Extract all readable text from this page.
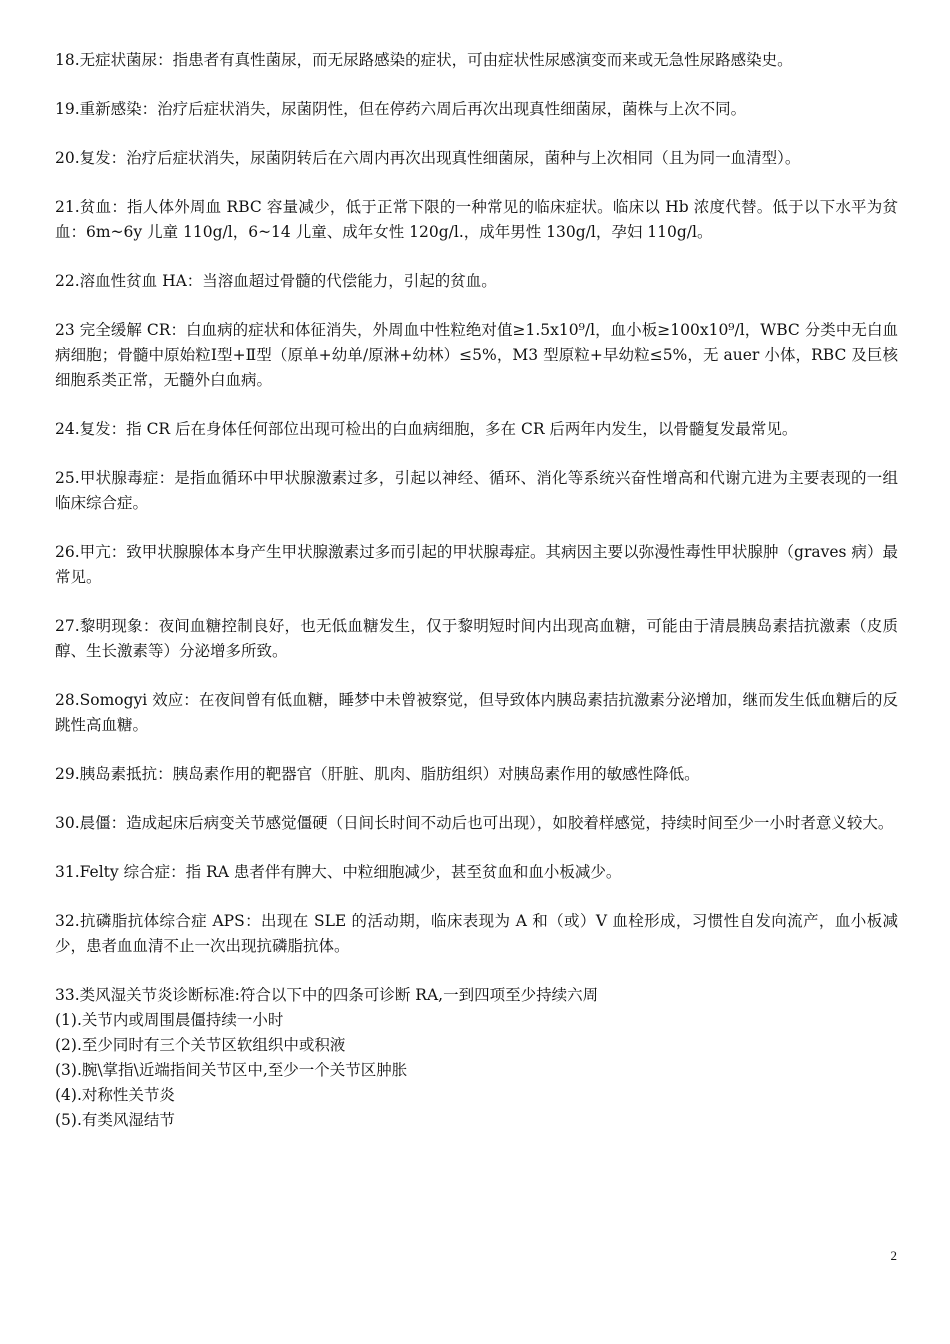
18.无症状菌尿：指患者有真性菌尿，而无尿路感染的症状，可由症状性尿感演变而来或无急性尿路感染史。

19.重新感染：治疗后症状消失，尿菌阴性，但在停药六周后再次出现真性细菌尿，菌株与上次不同。

20.复发：治疗后症状消失，尿菌阴转后在六周内再次出现真性细菌尿，菌种与上次相同（且为同一血清型）。

21.贫血：指人体外周血 RBC 容量减少，低于正常下限的一种常见的临床症状。临床以 Hb 浓度代替。低于以下水平为贫血：6m~6y 儿童 110g/l，6~14 儿童、成年女性 120g/l.，成年男性 130g/l，孕妇 110g/l。

22.溶血性贫血 HA：当溶血超过骨髓的代偿能力，引起的贫血。

23 完全缓解 CR：白血病的症状和体征消失，外周血中性粒绝对值≥1.5x10⁹/l，血小板≥100x10⁹/l，WBC 分类中无白血病细胞；骨髓中原始粒Ⅰ型+Ⅱ型（原单+幼单/原淋+幼林）≤5%，M3 型原粒+早幼粒≤5%，无 auer 小体，RBC 及巨核细胞系类正常，无髓外白血病。

24.复发：指 CR 后在身体任何部位出现可检出的白血病细胞，多在 CR 后两年内发生，以骨髓复发最常见。

25.甲状腺毒症：是指血循环中甲状腺激素过多，引起以神经、循环、消化等系统兴奋性增高和代谢亢进为主要表现的一组临床综合症。

26.甲亢：致甲状腺腺体本身产生甲状腺激素过多而引起的甲状腺毒症。其病因主要以弥漫性毒性甲状腺肿（graves 病）最常见。

27.黎明现象：夜间血糖控制良好，也无低血糖发生，仅于黎明短时间内出现高血糖，可能由于清晨胰岛素拮抗激素（皮质醇、生长激素等）分泌增多所致。

28.Somogyi 效应：在夜间曾有低血糖，睡梦中未曾被察觉，但导致体内胰岛素拮抗激素分泌增加，继而发生低血糖后的反跳性高血糖。

29.胰岛素抵抗：胰岛素作用的靶器官（肝脏、肌肉、脂肪组织）对胰岛素作用的敏感性降低。

30.晨僵：造成起床后病变关节感觉僵硬（日间长时间不动后也可出现），如胶着样感觉，持续时间至少一小时者意义较大。

31.Felty 综合症：指 RA 患者伴有脾大、中粒细胞减少，甚至贫血和血小板减少。

32.抗磷脂抗体综合症 APS：出现在 SLE 的活动期，临床表现为 A 和（或）V 血栓形成，习惯性自发向流产，血小板减少，患者血血清不止一次出现抗磷脂抗体。

33.类风湿关节炎诊断标准:符合以下中的四条可诊断 RA,一到四项至少持续六周
(1).关节内或周围晨僵持续一小时
(2).至少同时有三个关节区软组织中或积液
(3).腕\掌指\近端指间关节区中,至少一个关节区肿胀
(4).对称性关节炎
(5).有类风湿结节
2
